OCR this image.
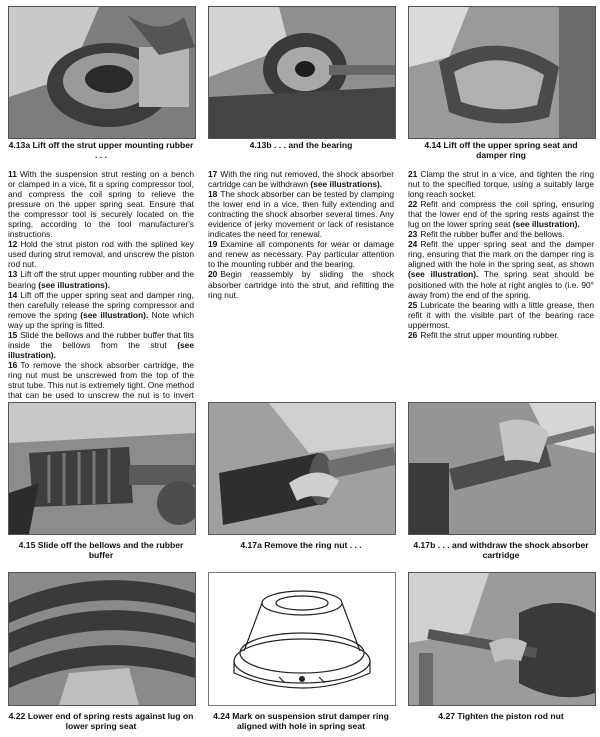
4.13a Lift off the strut upper mounting rubber . . .
4.13b . . . and the bearing	4.14 Lift off the upper spring seat and damper ring

11 With the suspension strut resting on a bench or clamped in a vice, fit a spring compressor tool, and compress the coil spring to relieve the pressure on the upper spring seat. Ensure that the compressor tool is securely located on the spring, according to the tool manufacturer's instructions.

12 Hold the strut piston rod with the splined key used during strut removal, and unscrew the piston rod nut.

13 Lift off the strut upper mounting rubber and the bearing (see illustrations).

14 Lift off the upper spring seat and damper ring, then carefully release the spring compressor and remove the spring (see illustration). Note which way up the spring is fitted.

15 Slide the bellows and the rubber buffer that fits inside the bellows from the strut (see illustration).

16 To remove the shock absorber cartridge, the ring nut must be unscrewed from the top of the strut tube. This nut is extremely tight. One method that can be used to unscrew the nut is to invert

17 With the ring nut removed, the shock absorber cartridge can be withdrawn (see illustrations).

18 The shock absorber can be tested by clamping the lower end in a vice, then fully extending and contracting the shock absorber several times. Any evidence of jerky movement or lack of resistance indicates the need for renewal.

19 Examine all components for wear or damage and renew as necessary. Pay particular attention to the mounting rubber and the bearing.

20 Begin reassembly by sliding the shock absorber cartridge into the strut, and refitting the ring nut.

21 Clamp the strut in a vice, and tighten the ring nut to the specified torque, using a suitably large long reach socket.

22 Refit and compress the coil spring, ensuring that the lower end of the spring rests against the lug on the lower spring seat (see illustration).

23 Refit the rubber buffer and the bellows.

24 Refit the upper spring seat and the damper ring, ensuring that the mark on the damper ring is aligned with the hole in the spring seat, as shown (see illustration). The spring seat should be positioned with the hole at right angles to (i.e. 90° away from) the end of the spring.

25 Lubricate the bearing with a little grease, then refit it with the visible part of the bearing race uppermost.

26 Refit the strut upper mounting rubber.

4.15 Slide off the bellows and the rubber buffer
4.17a Remove the ring nut . . .	4.17b . . . and withdraw the shock absorber cartridge
4.22 Lower end of spring rests against lug on lower spring seat
4.24 Mark on suspension strut damper ring aligned with hole in spring seat
4.27 Tighten the piston rod nut
